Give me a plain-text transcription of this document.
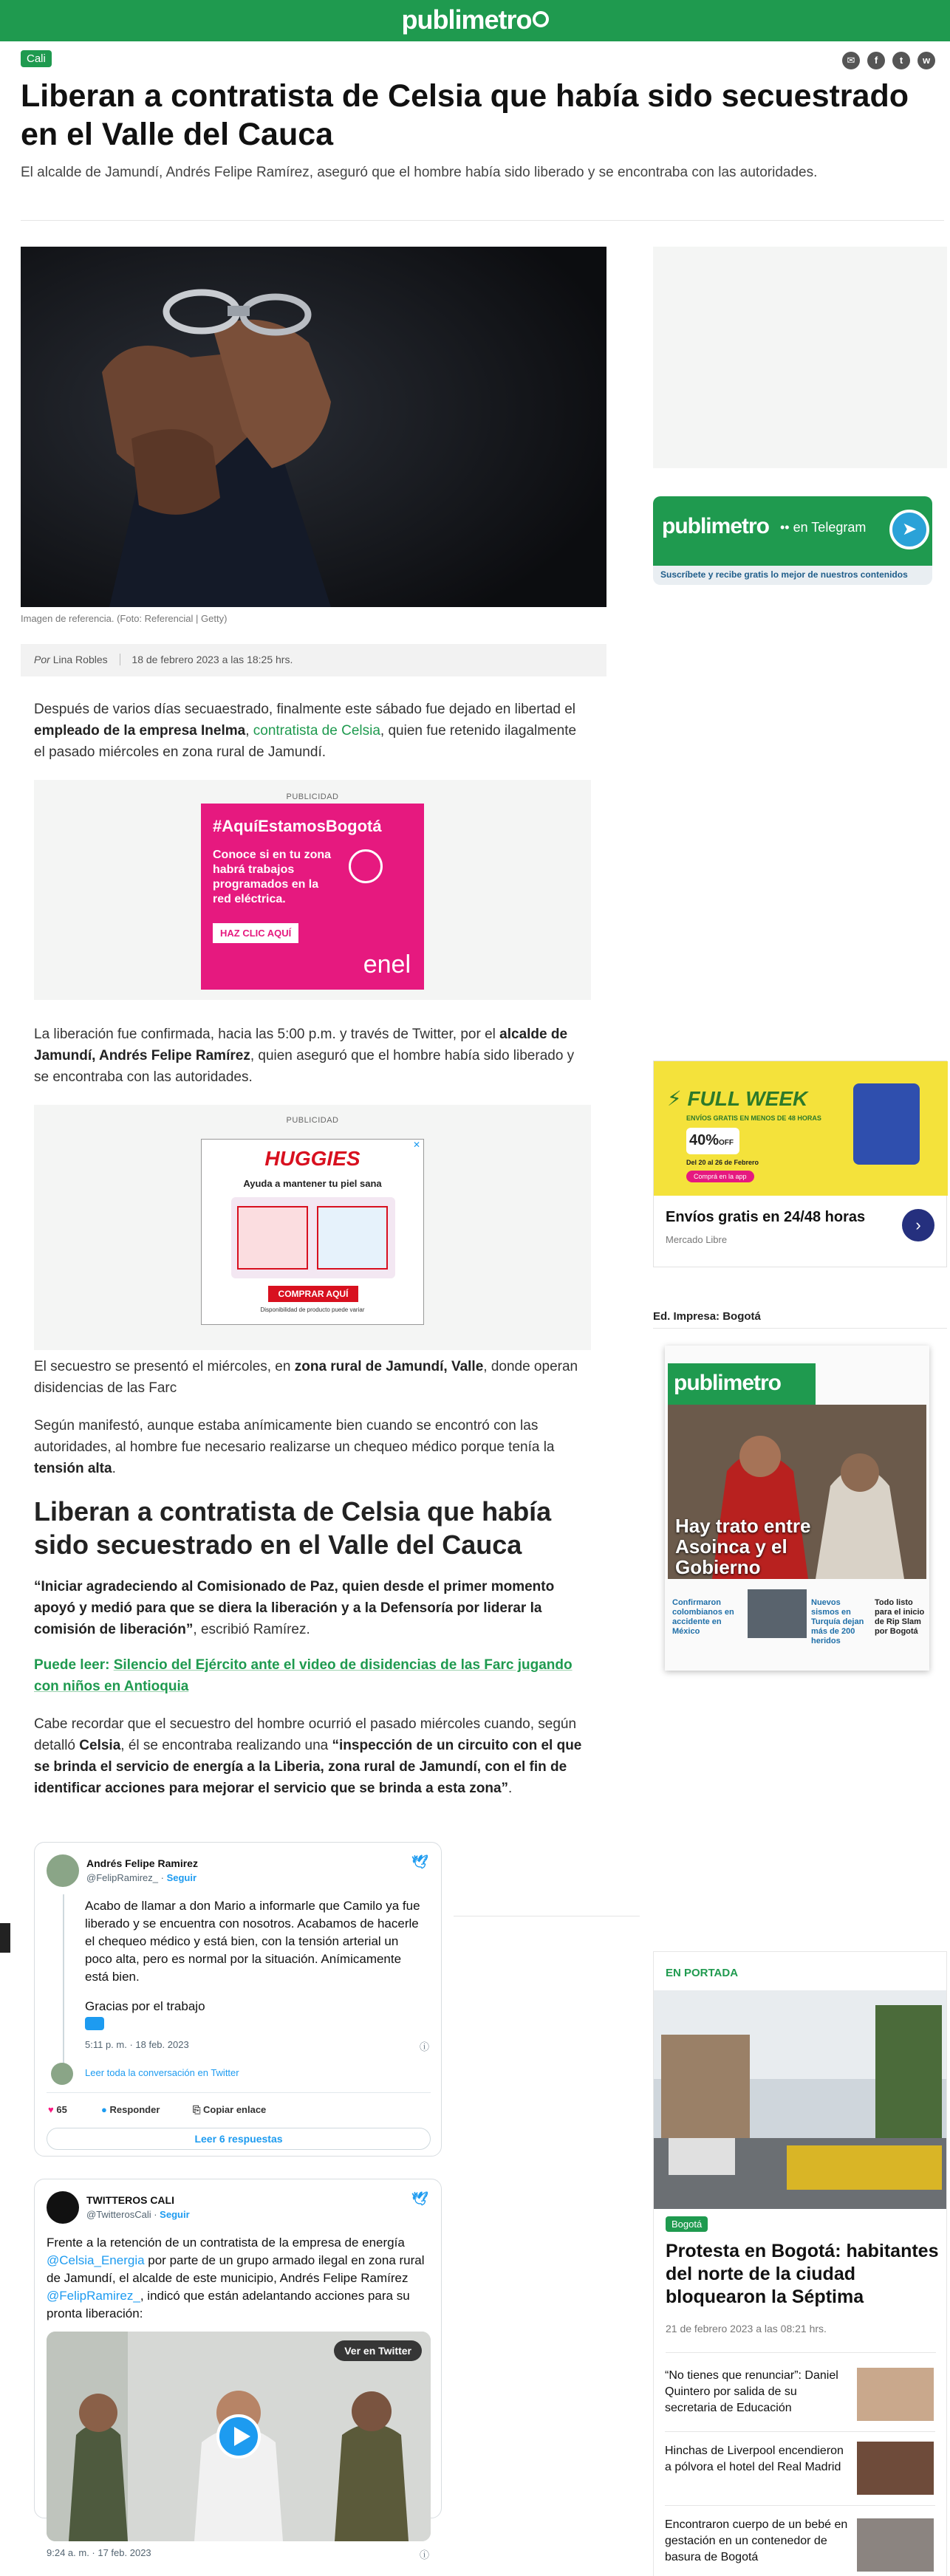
publimetro
Cali	✉	f	t	w
Liberan a contratista de Celsia que había sido secuestrado en el Valle del Cauca

El alcalde de Jamundí, Andrés Felipe Ramírez, aseguró que el hombre había sido liberado y se encontraba con las autoridades.

Imagen de referencia. (Foto: Referencial | Getty)
Por Lina Robles 18 de febrero 2023 a las 18:25 hrs.

Después de varios días secuaestrado, finalmente este sábado fue dejado en libertad el empleado de la empresa Inelma, contratista de Celsia, quien fue retenido ilagalmente el pasado miércoles en zona rural de Jamundí.

PUBLICIDAD
#AquíEstamosBogotá
Conoce si en tu zona habrá trabajos programados en la red eléctrica.
HAZ CLIC AQUÍ
enel

La liberación fue confirmada, hacia las 5:00 p.m. y través de Twitter, por el alcalde de Jamundí, Andrés Felipe Ramírez, quien aseguró que el hombre había sido liberado y se encontraba con las autoridades.

PUBLICIDAD
✕
HUGGIES
Ayuda a mantener tu piel sana
COMPRAR AQUÍ
Disponibilidad de producto puede variar

El secuestro se presentó el miércoles, en zona rural de Jamundí, Valle, donde operan disidencias de las Farc

Según manifestó, aunque estaba anímicamente bien cuando se encontró con las autoridades, al hombre fue necesario realizarse un chequeo médico porque tenía la tensión alta.

Liberan a contratista de Celsia que había sido secuestrado en el Valle del Cauca

“Iniciar agradeciendo al Comisionado de Paz, quien desde el primer momento apoyó y medió para que se diera la liberación y a la Defensoría por liderar la comisión de liberación”, escribió Ramírez.

Puede leer: Silencio del Ejército ante el video de disidencias de las Farc jugando con niños en Antioquia

Cabe recordar que el secuestro del hombre ocurrió el pasado miércoles cuando, según detalló Celsia, él se encontraba realizando una “inspección de un circuito con el que se brinda el servicio de energía a la Liberia, zona rural de Jamundí, con el fin de identificar acciones para mejorar el servicio que se brinda a esta zona”.

Andrés Felipe Ramirez
@FelipRamirez_ · Seguir
🕊
Acabo de llamar a don Mario a informarle que Camilo ya fue liberado y se encuentra con nosotros. Acabamos de hacerle el chequeo médico y está bien, con la tensión arterial un poco alta, pero es normal por la situación. Anímicamente está bien.
Gracias por el trabajo
5:11 p. m. · 18 feb. 2023	ⓘ
Leer toda la conversación en Twitter
♥ 65	● Responder	⎘ Copiar enlace
Leer 6 respuestas
TWITTEROS CALI
@TwitterosCali · Seguir
🕊
Frente a la retención de un contratista de la empresa de energía @Celsia_Energia por parte de un grupo armado ilegal en zona rural de Jamundí, el alcalde de este municipio, Andrés Felipe Ramírez @FelipRamirez_, indicó que están adelantando acciones para su pronta liberación:
Ver en Twitter
9:24 a. m. · 17 feb. 2023	ⓘ
publimetro •• en Telegram	➤
Suscríbete y recibe gratis lo mejor de nuestros contenidos
⚡ FULL WEEK
ENVÍOS GRATIS EN MENOS DE 48 HORAS
40%OFF
Del 20 al 26 de Febrero
Comprá en la app
Envíos gratis en 24/48 horas
Mercado Libre
›
Ed. Impresa: Bogotá
publimetro
Hay trato entre Asoinca y el Gobierno
Confirmaron colombianos en accidente en México
Nuevos sismos en Turquía dejan más de 200 heridos
Todo listo para el inicio de Rip Slam por Bogotá
EN PORTADA
Bogotá
Protesta en Bogotá: habitantes del norte de la ciudad bloquearon la Séptima
21 de febrero 2023 a las 08:21 hrs.
“No tienes que renunciar”: Daniel Quintero por salida de su secretaria de Educación
Hinchas de Liverpool encendieron a pólvora el hotel del Real Madrid
Encontraron cuerpo de un bebé en gestación en un contenedor de basura de Bogotá
